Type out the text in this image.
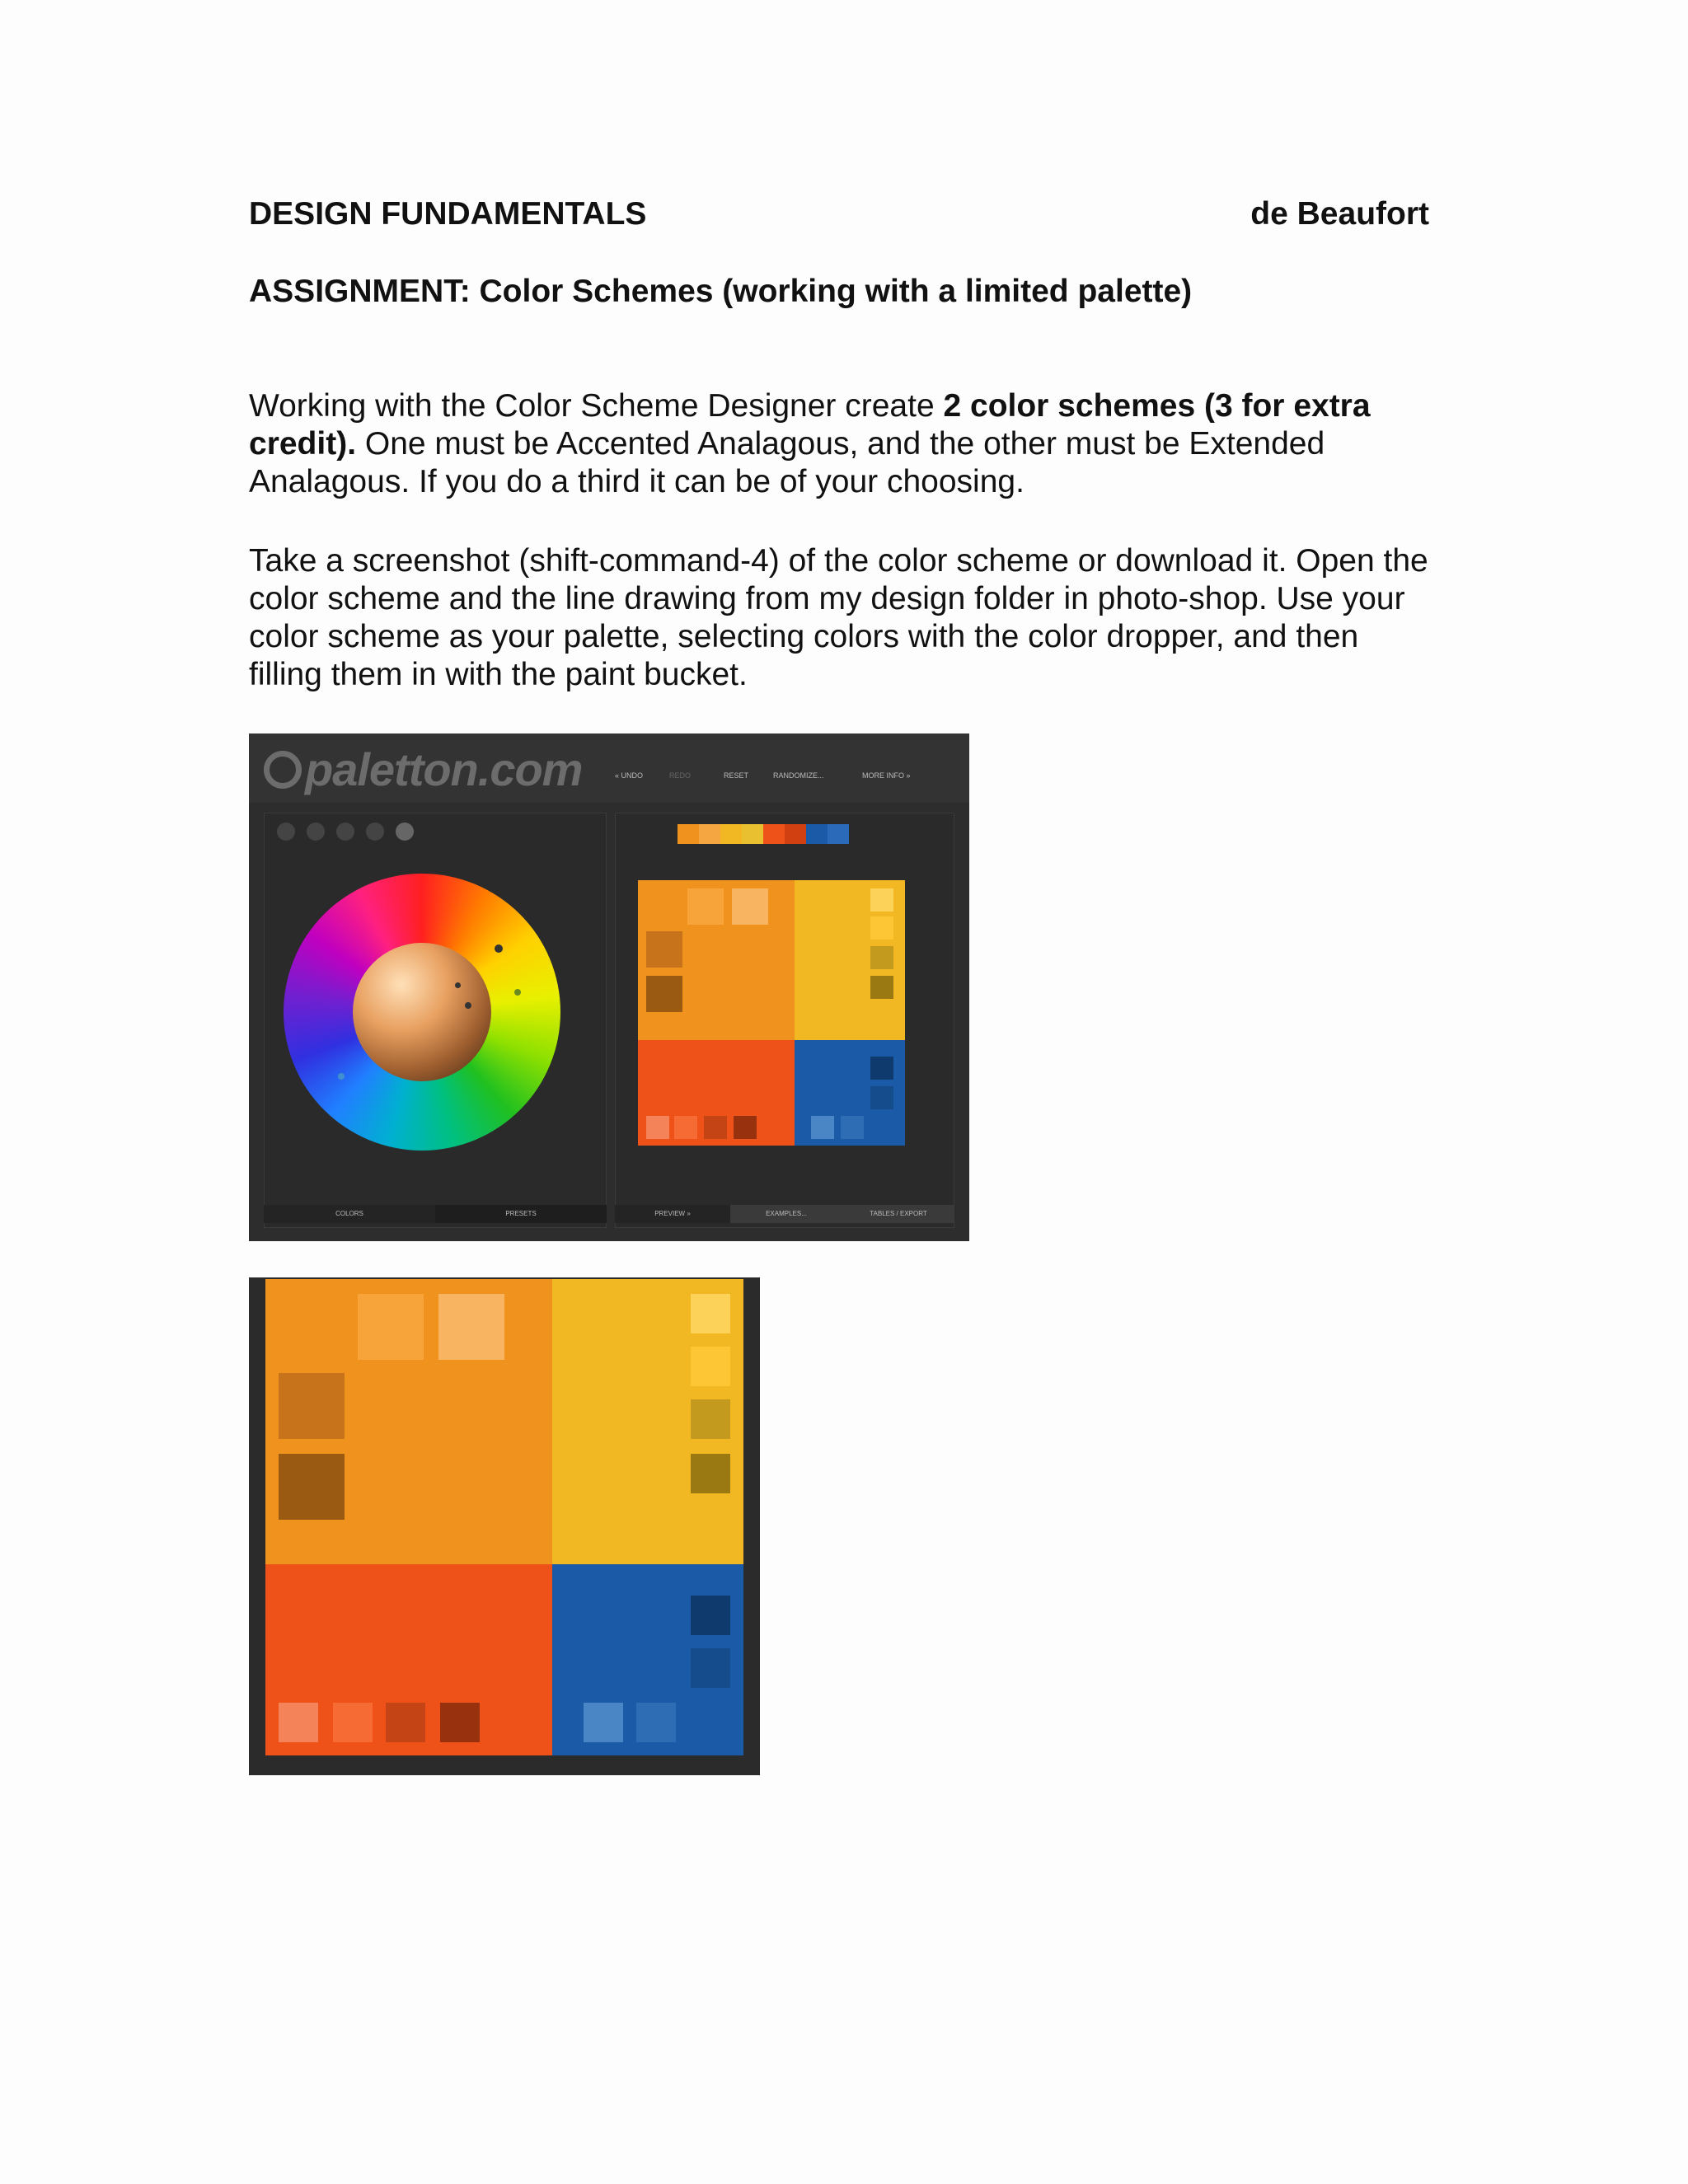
DESIGN FUNDAMENTALS	de Beaufort
ASSIGNMENT: Color Schemes (working with a limited palette)

Working with the Color Scheme Designer create 2 color schemes (3 for extra credit). One must be Accented Analagous, and the other must be Extended Analagous. If you do a third it can be of your choosing.

Take a screenshot (shift-command-4) of the color scheme or download it. Open the color scheme and the line drawing from my design folder in photo-shop. Use your color scheme as your palette, selecting colors with the color dropper, and then filling them in with the paint bucket.

paletton.com	« UNDO	REDO	RESET	RANDOMIZE...	MORE INFO »
COLORS	PRESETS	PREVIEW »	EXAMPLES...	TABLES / EXPORT
